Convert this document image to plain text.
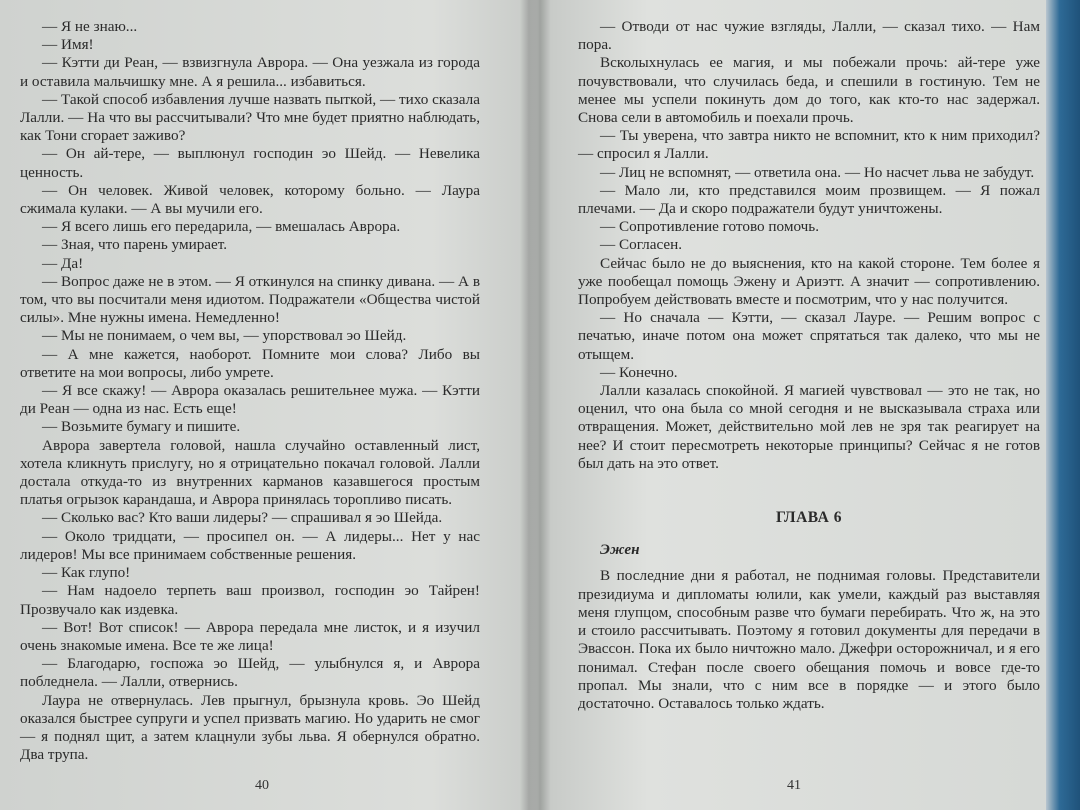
— Я не знаю...

— Имя!

— Кэтти ди Реан, — взвизгнула Аврора. — Она уезжала из города и оставила мальчишку мне. А я решила... избавиться.

— Такой способ избавления лучше назвать пыткой, — тихо сказала Лалли. — На что вы рассчитывали? Что мне будет приятно наблюдать, как Тони сгорает заживо?

— Он ай-тере, — выплюнул господин эо Шейд. — Невелика ценность.

— Он человек. Живой человек, которому больно. — Лаура сжимала кулаки. — А вы мучили его.

— Я всего лишь его передарила, — вмешалась Аврора.

— Зная, что парень умирает.

— Да!

— Вопрос даже не в этом. — Я откинулся на спинку дивана. — А в том, что вы посчитали меня идиотом. Подражатели «Общества чистой силы». Мне нужны имена. Немедленно!

— Мы не понимаем, о чем вы, — упорствовал эо Шейд.

— А мне кажется, наоборот. Помните мои слова? Либо вы ответите на мои вопросы, либо умрете.

— Я все скажу! — Аврора оказалась решительнее мужа. — Кэтти ди Реан — одна из нас. Есть еще!

— Возьмите бумагу и пишите.

Аврора завертела головой, нашла случайно оставленный лист, хотела кликнуть прислугу, но я отрицательно покачал головой. Лалли достала откуда-то из внутренних карманов казавшегося простым платья огрызок карандаша, и Аврора принялась торопливо писать.

— Сколько вас? Кто ваши лидеры? — спрашивал я эо Шейда.

— Около тридцати, — просипел он. — А лидеры... Нет у нас лидеров! Мы все принимаем собственные решения.

— Как глупо!

— Нам надоело терпеть ваш произвол, господин эо Тайрен! Прозвучало как издевка.

— Вот! Вот список! — Аврора передала мне листок, и я изучил очень знакомые имена. Все те же лица!

— Благодарю, госпожа эо Шейд, — улыбнулся я, и Аврора побледнела. — Лалли, отвернись.

Лаура не отвернулась. Лев прыгнул, брызнула кровь. Эо Шейд оказался быстрее супруги и успел призвать магию. Но ударить не смог — я поднял щит, а затем клацнули зубы льва. Я обернулся обратно. Два трупа.

40

— Отводи от нас чужие взгляды, Лалли, — сказал тихо. — Нам пора.

Всколыхнулась ее магия, и мы побежали прочь: ай-тере уже почувствовали, что случилась беда, и спешили в гостиную. Тем не менее мы успели покинуть дом до того, как кто-то нас задержал. Снова сели в автомобиль и поехали прочь.

— Ты уверена, что завтра никто не вспомнит, кто к ним приходил? — спросил я Лалли.

— Лиц не вспомнят, — ответила она. — Но насчет льва не забудут.

— Мало ли, кто представился моим прозвищем. — Я пожал плечами. — Да и скоро подражатели будут уничтожены.

— Сопротивление готово помочь.

— Согласен.

Сейчас было не до выяснения, кто на какой стороне. Тем более я уже пообещал помощь Эжену и Ариэтт. А значит — сопротивлению. Попробуем действовать вместе и посмотрим, что у нас получится.

— Но сначала — Кэтти, — сказал Лауре. — Решим вопрос с печатью, иначе потом она может спрятаться так далеко, что мы не отыщем.

— Конечно.

Лалли казалась спокойной. Я магией чувствовал — это не так, но оценил, что она была со мной сегодня и не высказывала страха или отвращения. Может, действительно мой лев не зря так реагирует на нее? И стоит пересмотреть некоторые принципы? Сейчас я не готов был дать на это ответ.

ГЛАВА 6
Эжен

В последние дни я работал, не поднимая головы. Представители президиума и дипломаты юлили, как умели, каждый раз выставляя меня глупцом, способным разве что бумаги перебирать. Что ж, на это и стоило рассчитывать. Поэтому я готовил документы для передачи в Эвассон. Пока их было ничтожно мало. Джефри осторожничал, и я его понимал. Стефан после своего обещания помочь и вовсе где-то пропал. Мы знали, что с ним все в порядке — и этого было достаточно. Оставалось только ждать.

41
